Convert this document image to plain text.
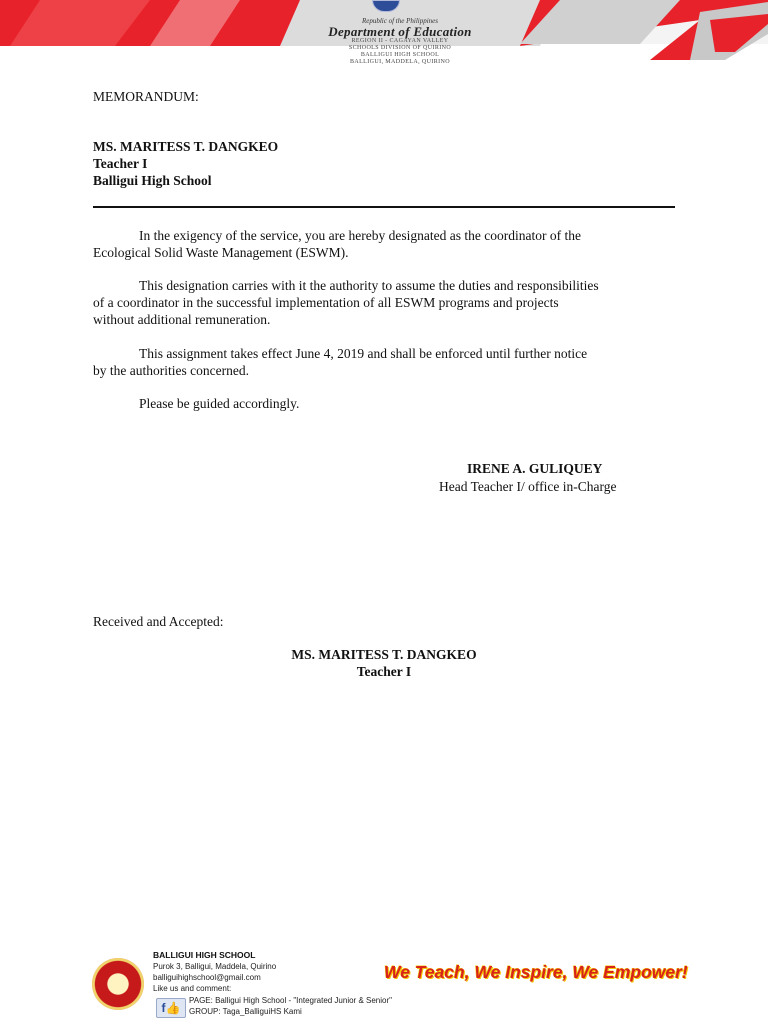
Republic of the Philippines
Department of Education
REGION II - CAGAYAN VALLEY
SCHOOLS DIVISION OF QUIRINO
BALLIGUI HIGH SCHOOL
BALLIGUI, MADDELA, QUIRINO
MEMORANDUM:
MS. MARITESS T. DANGKEO
Teacher I
Balligui High School
In the exigency of the service, you are hereby designated as the coordinator of the
Ecological Solid Waste Management (ESWM).
This designation carries with it the authority to assume the duties and responsibilities
of a coordinator in the successful implementation of all ESWM programs and projects
without additional remuneration.
This assignment takes effect June 4, 2019 and shall be enforced until further notice
by the authorities concerned.
Please be guided accordingly.
IRENE A. GULIQUEY
Head Teacher I/ office in-Charge
Received and Accepted:
MS. MARITESS T. DANGKEO
Teacher I
BALLIGUI HIGH SCHOOL
Purok 3, Balligui, Maddela, Quirino
balliguihighschool@gmail.com
Like us and comment:
f👍
PAGE: Balligui High School - "Integrated Junior & Senior"
GROUP: Taga_BalliguiHS Kami
We Teach, We Inspire, We Empower!
